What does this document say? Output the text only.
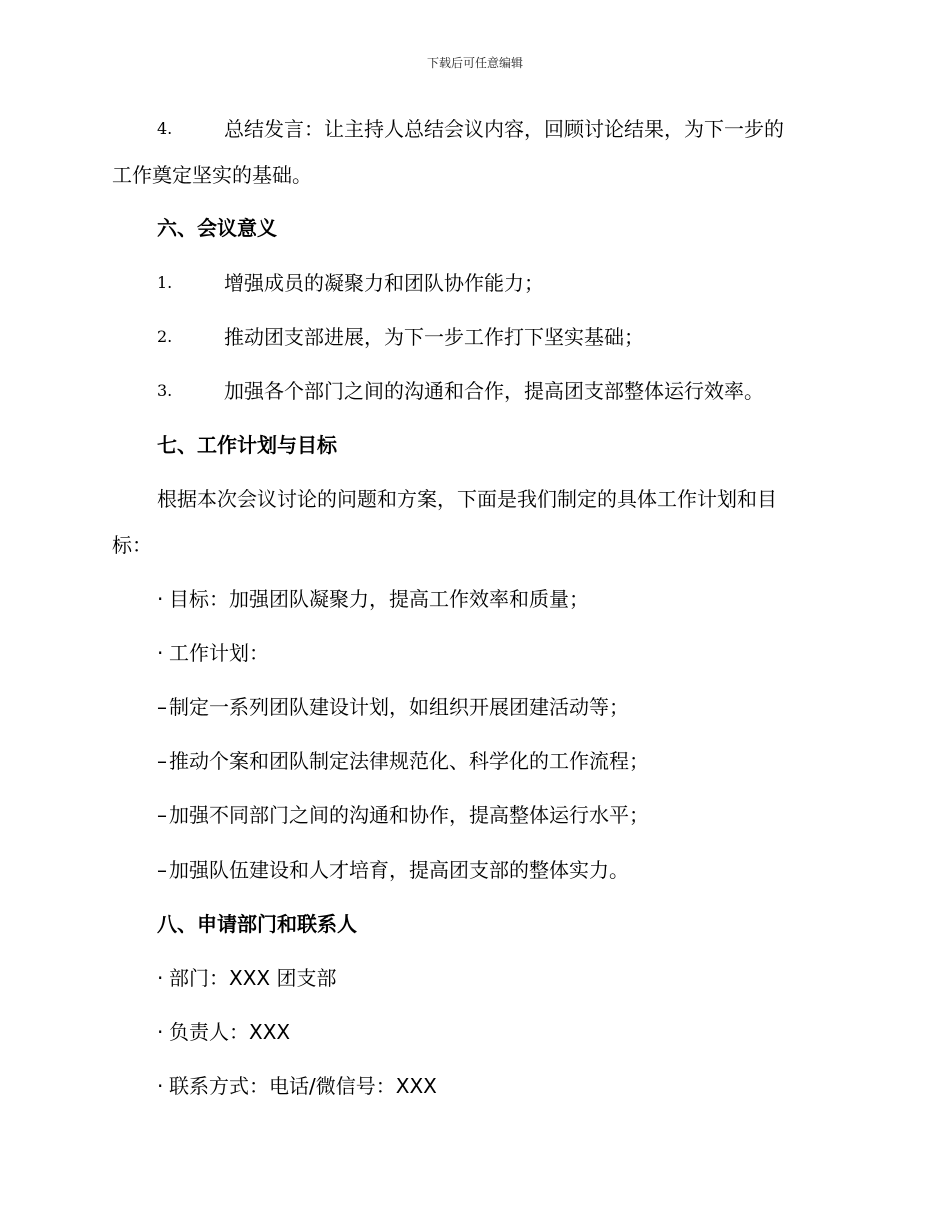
下载后可任意编辑
4.	总结发言：让主持人总结会议内容，回顾讨论结果，为下一步的
工作奠定坚实的基础。
六、会议意义
1.	增强成员的凝聚力和团队协作能力；
2.	推动团支部进展，为下一步工作打下坚实基础；
3.	加强各个部门之间的沟通和合作，提高团支部整体运行效率。
七、工作计划与目标
根据本次会议讨论的问题和方案，下面是我们制定的具体工作计划和目
标：
· 目标：加强团队凝聚力，提高工作效率和质量；
· 工作计划：
– 制定一系列团队建设计划，如组织开展团建活动等；
– 推动个案和团队制定法律规范化、科学化的工作流程；
– 加强不同部门之间的沟通和协作，提高整体运行水平；
– 加强队伍建设和人才培育，提高团支部的整体实力。
八、申请部门和联系人
· 部门：XXX 团支部
· 负责人：XXX
· 联系方式：电话/微信号：XXX
